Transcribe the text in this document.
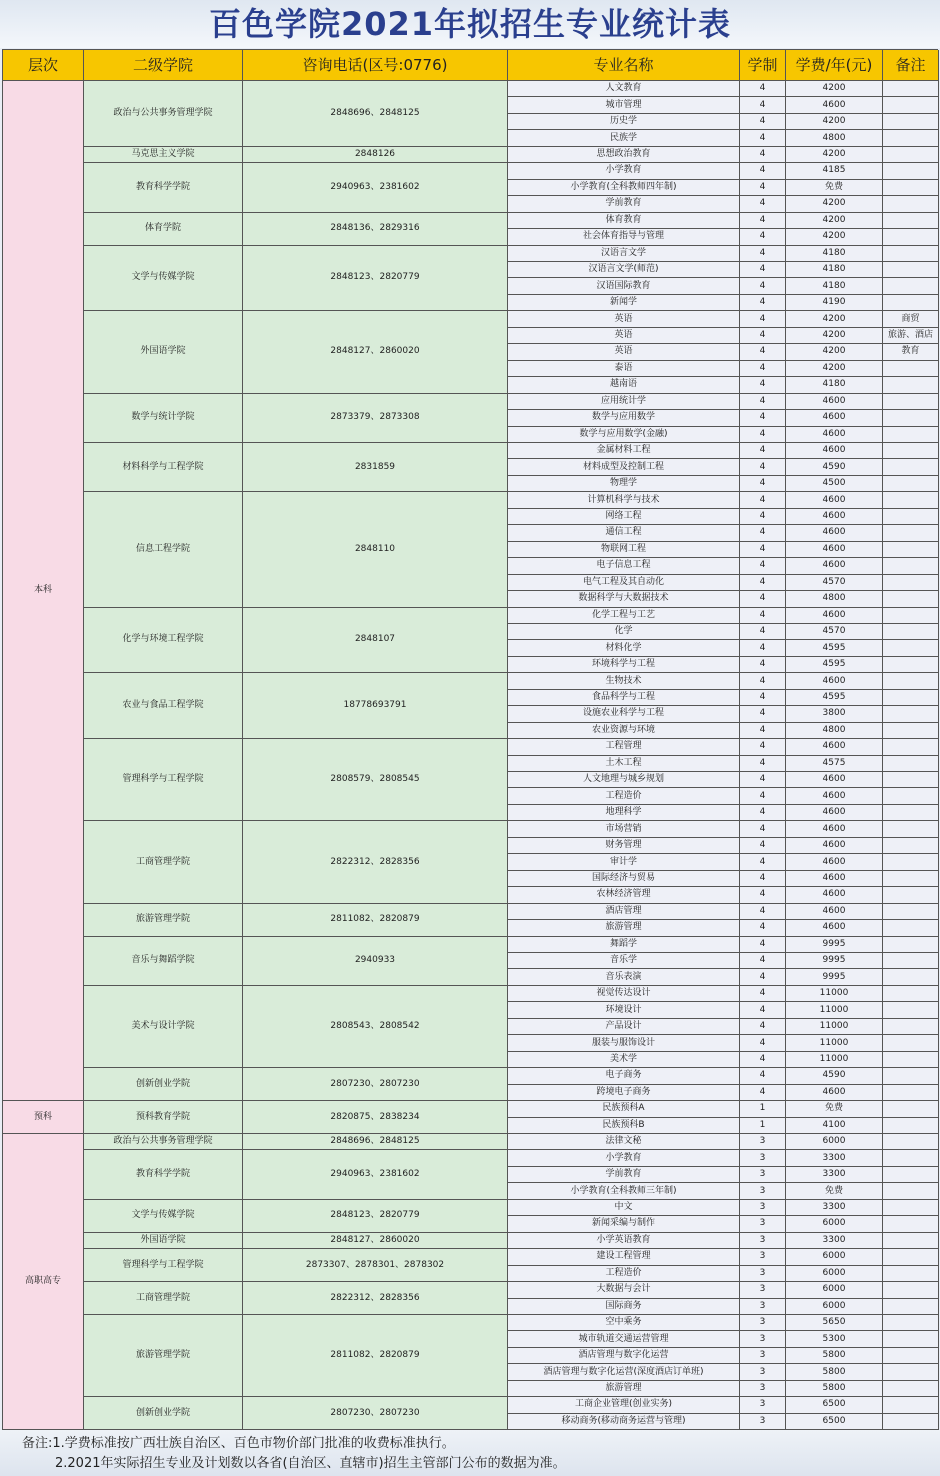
百色学院2021年拟招生专业统计表
层次	二级学院	咨询电话(区号:0776)	专业名称	学制	学费/年(元)	备注
本科
政治与公共事务管理学院	2848696、2848125
人文教育	4	4200
城市管理	4	4600
历史学	4	4200
民族学	4	4800
马克思主义学院	2848126	思想政治教育	4	4200
教育科学学院	2940963、2381602
小学教育	4	4185
小学教育(全科教师四年制)	4	免费
学前教育	4	4200
体育学院	2848136、2829316
体育教育	4	4200
社会体育指导与管理	4	4200
文学与传媒学院	2848123、2820779
汉语言文学	4	4180
汉语言文学(师范)	4	4180
汉语国际教育	4	4180
新闻学	4	4190
外国语学院	2848127、2860020
英语	4	4200	商贸
英语	4	4200	旅游、酒店
英语	4	4200	教育
泰语	4	4200
越南语	4	4180
数学与统计学院	2873379、2873308
应用统计学	4	4600
数学与应用数学	4	4600
数学与应用数学(金融)	4	4600
材料科学与工程学院	2831859
金属材料工程	4	4600
材料成型及控制工程	4	4590
物理学	4	4500
信息工程学院	2848110
计算机科学与技术	4	4600
网络工程	4	4600
通信工程	4	4600
物联网工程	4	4600
电子信息工程	4	4600
电气工程及其自动化	4	4570
数据科学与大数据技术	4	4800
化学与环境工程学院	2848107
化学工程与工艺	4	4600
化学	4	4570
材料化学	4	4595
环境科学与工程	4	4595
农业与食品工程学院	18778693791
生物技术	4	4600
食品科学与工程	4	4595
设施农业科学与工程	4	3800
农业资源与环境	4	4800
管理科学与工程学院	2808579、2808545
工程管理	4	4600
土木工程	4	4575
人文地理与城乡规划	4	4600
工程造价	4	4600
地理科学	4	4600
工商管理学院	2822312、2828356
市场营销	4	4600
财务管理	4	4600
审计学	4	4600
国际经济与贸易	4	4600
农林经济管理	4	4600
旅游管理学院	2811082、2820879
酒店管理	4	4600
旅游管理	4	4600
音乐与舞蹈学院	2940933
舞蹈学	4	9995
音乐学	4	9995
音乐表演	4	9995
美术与设计学院	2808543、2808542
视觉传达设计	4	11000
环境设计	4	11000
产品设计	4	11000
服装与服饰设计	4	11000
美术学	4	11000
创新创业学院	2807230、2807230
电子商务	4	4590
跨境电子商务	4	4600
预科	预科教育学院	2820875、2838234
民族预科A	1	免费
民族预科B	1	4100
高职高专
政治与公共事务管理学院	2848696、2848125	法律文秘	3	6000
教育科学学院	2940963、2381602
小学教育	3	3300
学前教育	3	3300
小学教育(全科教师三年制)	3	免费
文学与传媒学院	2848123、2820779
中文	3	3300
新闻采编与制作	3	6000
外国语学院	2848127、2860020	小学英语教育	3	3300
管理科学与工程学院	2873307、2878301、2878302
建设工程管理	3	6000
工程造价	3	6000
工商管理学院	2822312、2828356
大数据与会计	3	6000
国际商务	3	6000
旅游管理学院	2811082、2820879
空中乘务	3	5650
城市轨道交通运营管理	3	5300
酒店管理与数字化运营	3	5800
酒店管理与数字化运营(深度酒店订单班)	3	5800
旅游管理	3	5800
创新创业学院	2807230、2807230
工商企业管理(创业实务)	3	6500
移动商务(移动商务运营与管理)	3	6500
备注:1.学费标准按广西壮族自治区、百色市物价部门批准的收费标准执行。
2.2021年实际招生专业及计划数以各省(自治区、直辖市)招生主管部门公布的数据为准。
